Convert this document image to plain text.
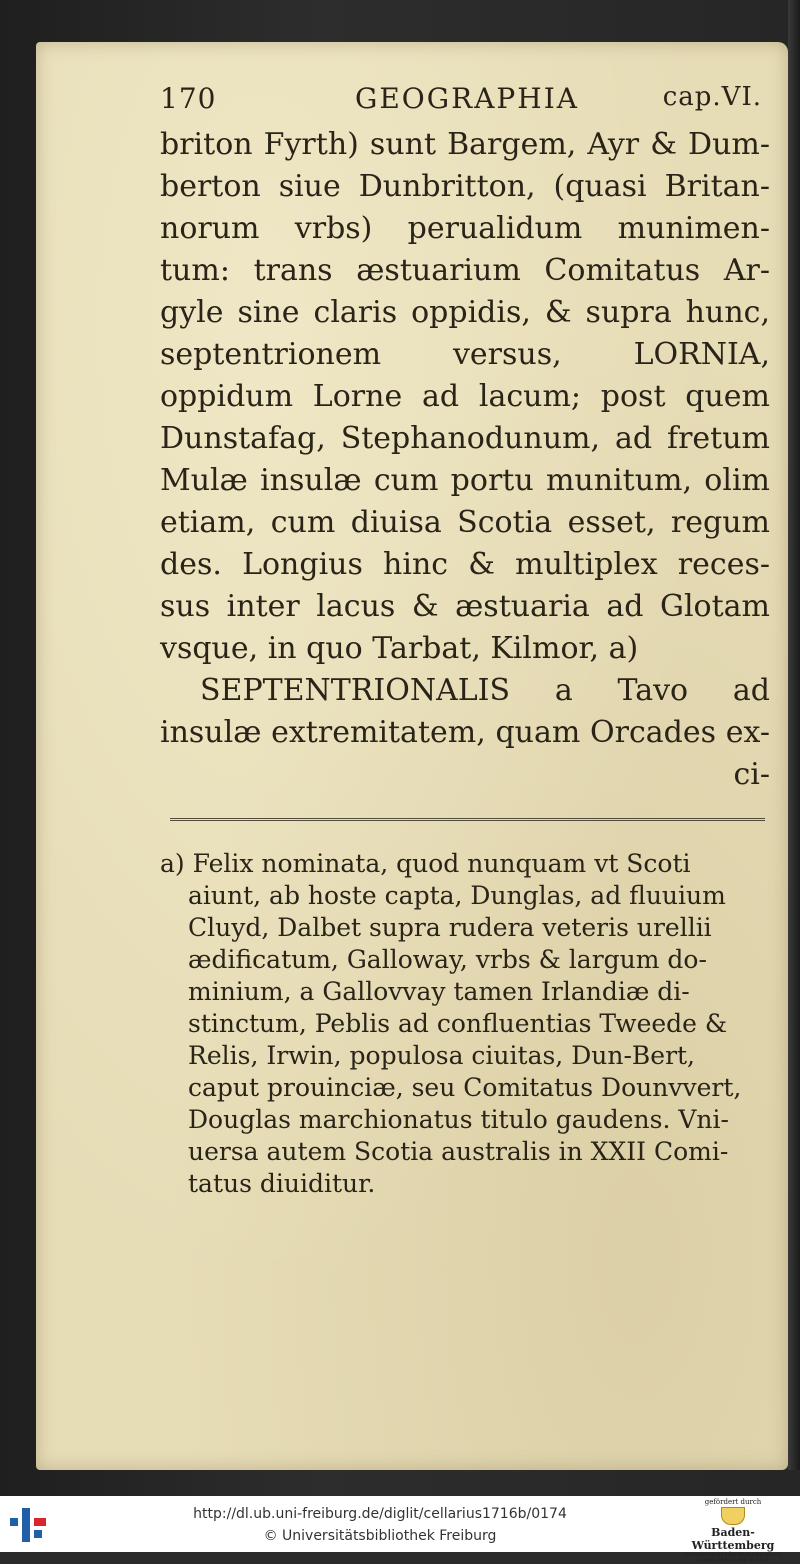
170	GEOGRAPHIA	cap.VI.
briton Fyrth) sunt Bargem, Ayr & Dum-
berton siue Dunbritton, (quasi Britan-
norum vrbs) perualidum munimen-
tum: trans æstuarium Comitatus Ar-
gyle sine claris oppidis, & supra hunc,
septentrionem versus, LORNIA,
oppidum Lorne ad lacum; post quem
Dunstafag, Stephanodunum, ad fretum
Mulæ insulæ cum portu munitum, olim
etiam, cum diuisa Scotia esset, regum
des. Longius hinc & multiplex reces-
sus inter lacus & æstuaria ad Glotam
vsque, in quo Tarbat, Kilmor, a)
SEPTENTRIONALIS a Tavo ad
insulæ extremitatem, quam Orcades ex-
ci-
a) Felix nominata, quod nunquam vt Scoti
aiunt, ab hoste capta, Dunglas, ad fluuium
Cluyd, Dalbet supra rudera veteris urellii
ædificatum, Galloway, vrbs & largum do-
minium, a Gallovvay tamen Irlandiæ di-
stinctum, Peblis ad confluentias Tweede &
Relis, Irwin, populosa ciuitas, Dun-Bert,
caput prouinciæ, seu Comitatus Dounvvert,
Douglas marchionatus titulo gaudens. Vni-
uersa autem Scotia australis in XXII Comi-
tatus diuiditur.
http://dl.ub.uni-freiburg.de/diglit/cellarius1716b/0174
© Universitätsbibliothek Freiburg
gefördert durch
Baden-Württemberg
MINISTERIUM FÜR WISSENSCHAFT, FORSCHUNG UND KUNST
